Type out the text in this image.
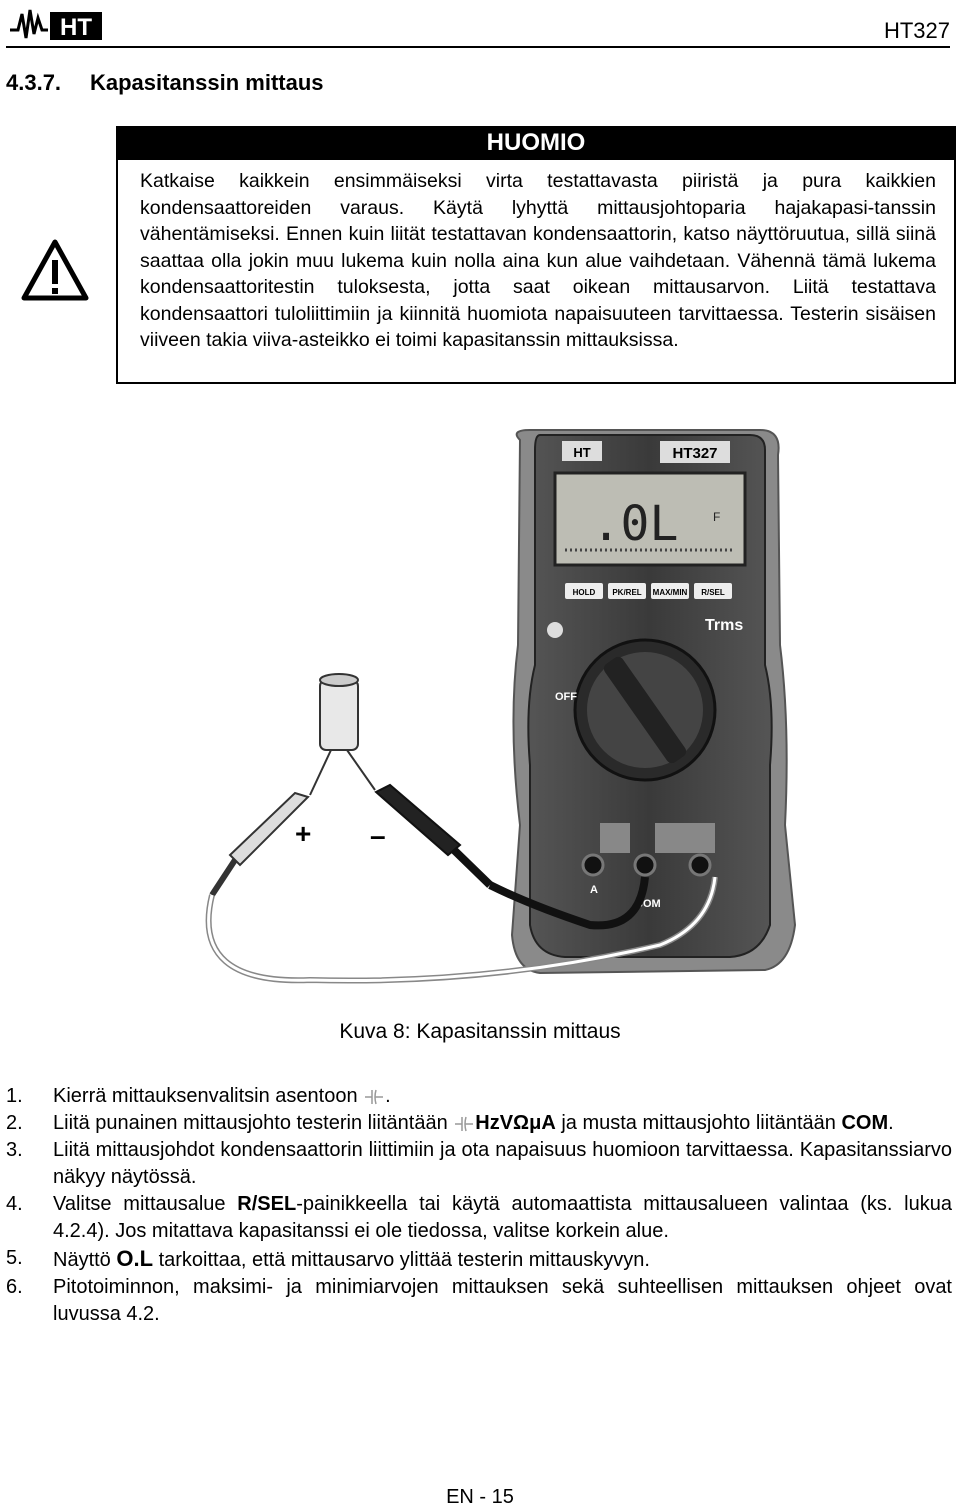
HT	HT327
4.3.7. Kapasitanssin mittaus
HUOMIO
Katkaise kaikkein ensimmäiseksi virta testattavasta piiristä ja pura kaikkien kondensaattoreiden varaus. Käytä lyhyttä mittausjohtoparia hajakapasi-tanssin vähentämiseksi. Ennen kuin liität testattavan kondensaattorin, katso näyttöruutua, sillä siinä saattaa olla jokin muu lukema kuin nolla aina kun alue vaihdetaan. Vähennä tämä lukema kondensaattoritestin tuloksesta, jotta saat oikean mittausarvon. Liitä testattava kondensaattori tuloliittimiin ja kiinnitä huomiota napaisuuteen tarvittaessa. Testerin sisäisen viiveen takia viiva-asteikko ei toimi kapasitanssin mittauksissa.
HT	HT327
.0L	F
HOLD PK/REL MAX/MIN R/SEL
Trms
OFF
A
COM
+ –
Kuva 8: Kapasitanssin mittaus
1.	Kierrä mittauksenvalitsin asentoon .
2.	Liitä punainen mittausjohto testerin liitäntään HzVΩμA ja musta mittausjohto liitäntään COM.
3.	Liitä mittausjohdot kondensaattorin liittimiin ja ota napaisuus huomioon tarvittaessa. Kapasitanssiarvo näkyy näytössä.
4.	Valitse mittausalue R/SEL-painikkeella tai käytä automaattista mittausalueen valintaa (ks. lukua 4.2.4). Jos mitattava kapasitanssi ei ole tiedossa, valitse korkein alue.
5.	Näyttö O.L tarkoittaa, että mittausarvo ylittää testerin mittauskyvyn.
6.	Pitotoiminnon, maksimi- ja minimiarvojen mittauksen sekä suhteellisen mittauksen ohjeet ovat luvussa 4.2.
EN - 15
